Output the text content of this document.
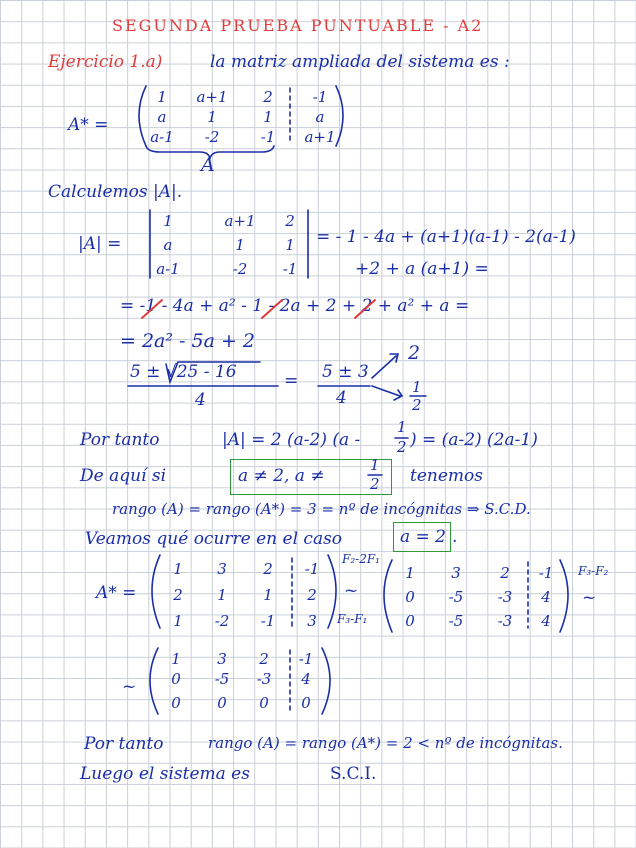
SEGUNDA PRUEBA PUNTUABLE - A2
Ejercicio 1.a)	la matriz ampliada del sistema es :
A* =
1	a+1	2	-1
a	1	1	a
a-1	-2	-1	a+1
A
Calculemos |A|.
|A| =
1	a+1	2
a	1	1
a-1	-2	-1
= - 1 - 4a + (a+1)(a-1) - 2(a-1)
+2 + a (a+1) =
= -1 - 4a + a² - 1 - 2a + 2 + 2 + a² + a =
= 2a² - 5a + 2
5 ± √25 - 16
4
= 5 ± 3
4
2
1
2
Por tanto	|A| = 2 (a-2) (a -
1
2 ) = (a-2) (2a-1)
De aquí si	a ≠ 2, a ≠
1
2 tenemos
rango (A) = rango (A*) = 3 = nº de incógnitas ⇒ S.C.D.
Veamos qué ocurre en el caso	a = 2 .
A* =
1	3	2	-1
2	1	1	2
1	-2	-1	3
F₂-2F₁
~
F₃-F₁
1	3	2	-1
0	-5	-3	4
0	-5	-3	4
F₃-F₂
~
~
1	3	2	-1
0	-5	-3	4
0	0	0	0
Por tanto	rango (A) = rango (A*) = 2 < nº de incógnitas.
Luego el sistema es	S.C.I.
